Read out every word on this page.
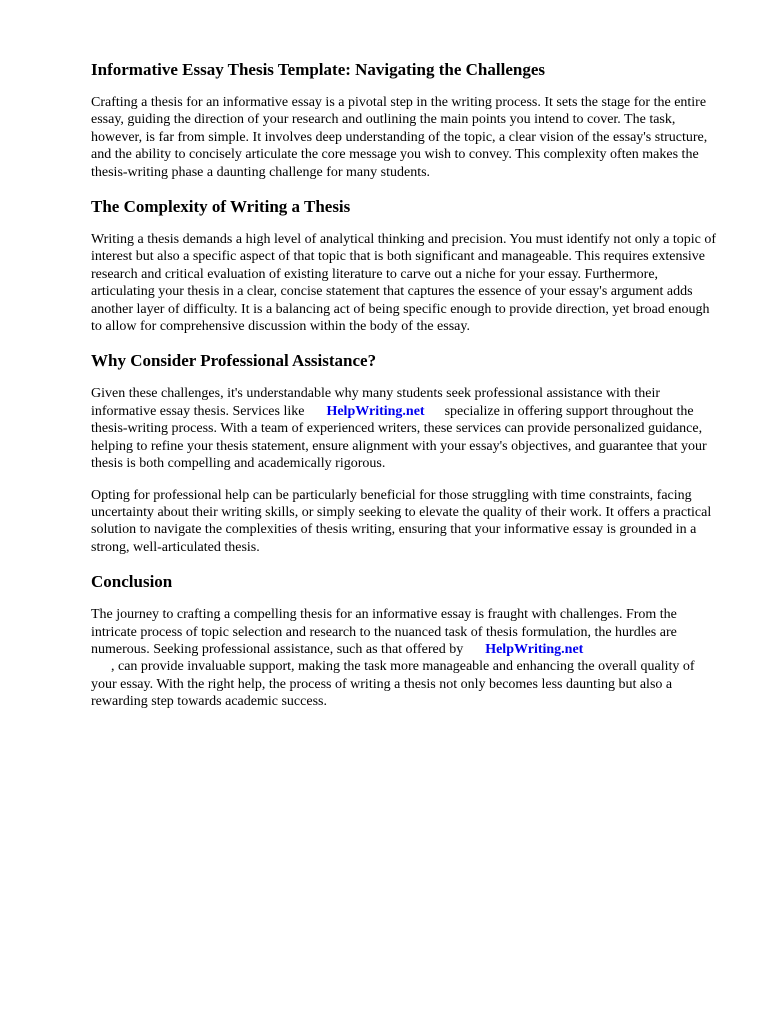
Informative Essay Thesis Template: Navigating the Challenges

Crafting a thesis for an informative essay is a pivotal step in the writing process. It sets the stage for the entire essay, guiding the direction of your research and outlining the main points you intend to cover. The task, however, is far from simple. It involves deep understanding of the topic, a clear vision of the essay's structure, and the ability to concisely articulate the core message you wish to convey. This complexity often makes the thesis-writing phase a daunting challenge for many students.

The Complexity of Writing a Thesis

Writing a thesis demands a high level of analytical thinking and precision. You must identify not only a topic of interest but also a specific aspect of that topic that is both significant and manageable. This requires extensive research and critical evaluation of existing literature to carve out a niche for your essay. Furthermore, articulating your thesis in a clear, concise statement that captures the essence of your essay's argument adds another layer of difficulty. It is a balancing act of being specific enough to provide direction, yet broad enough to allow for comprehensive discussion within the body of the essay.

Why Consider Professional Assistance?

Given these challenges, it's understandable why many students seek professional assistance with their informative essay thesis. Services like HelpWriting.net specialize in offering support throughout the thesis-writing process. With a team of experienced writers, these services can provide personalized guidance, helping to refine your thesis statement, ensure alignment with your essay's objectives, and guarantee that your thesis is both compelling and academically rigorous.

Opting for professional help can be particularly beneficial for those struggling with time constraints, facing uncertainty about their writing skills, or simply seeking to elevate the quality of their work. It offers a practical solution to navigate the complexities of thesis writing, ensuring that your informative essay is grounded in a strong, well-articulated thesis.

Conclusion

The journey to crafting a compelling thesis for an informative essay is fraught with challenges. From the intricate process of topic selection and research to the nuanced task of thesis formulation, the hurdles are numerous. Seeking professional assistance, such as that offered by HelpWriting.net
, can provide invaluable support, making the task more manageable and enhancing the overall quality of your essay. With the right help, the process of writing a thesis not only becomes less daunting but also a rewarding step towards academic success.
